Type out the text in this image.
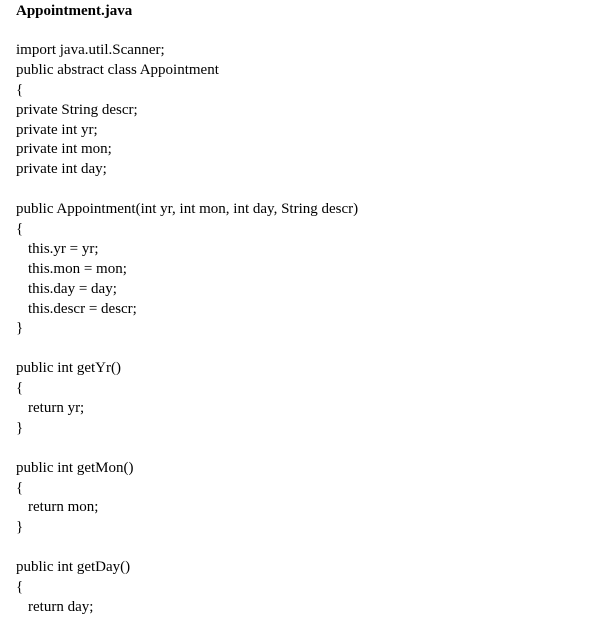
Appointment.java
import java.util.Scanner;
public abstract class Appointment
{
private String descr;
private int yr;
private int mon;
private int day;
public Appointment(int yr, int mon, int day, String descr)
{
this.yr = yr;
this.mon = mon;
this.day = day;
this.descr = descr;
}
public int getYr()
{
return yr;
}
public int getMon()
{
return mon;
}
public int getDay()
{
return day;
